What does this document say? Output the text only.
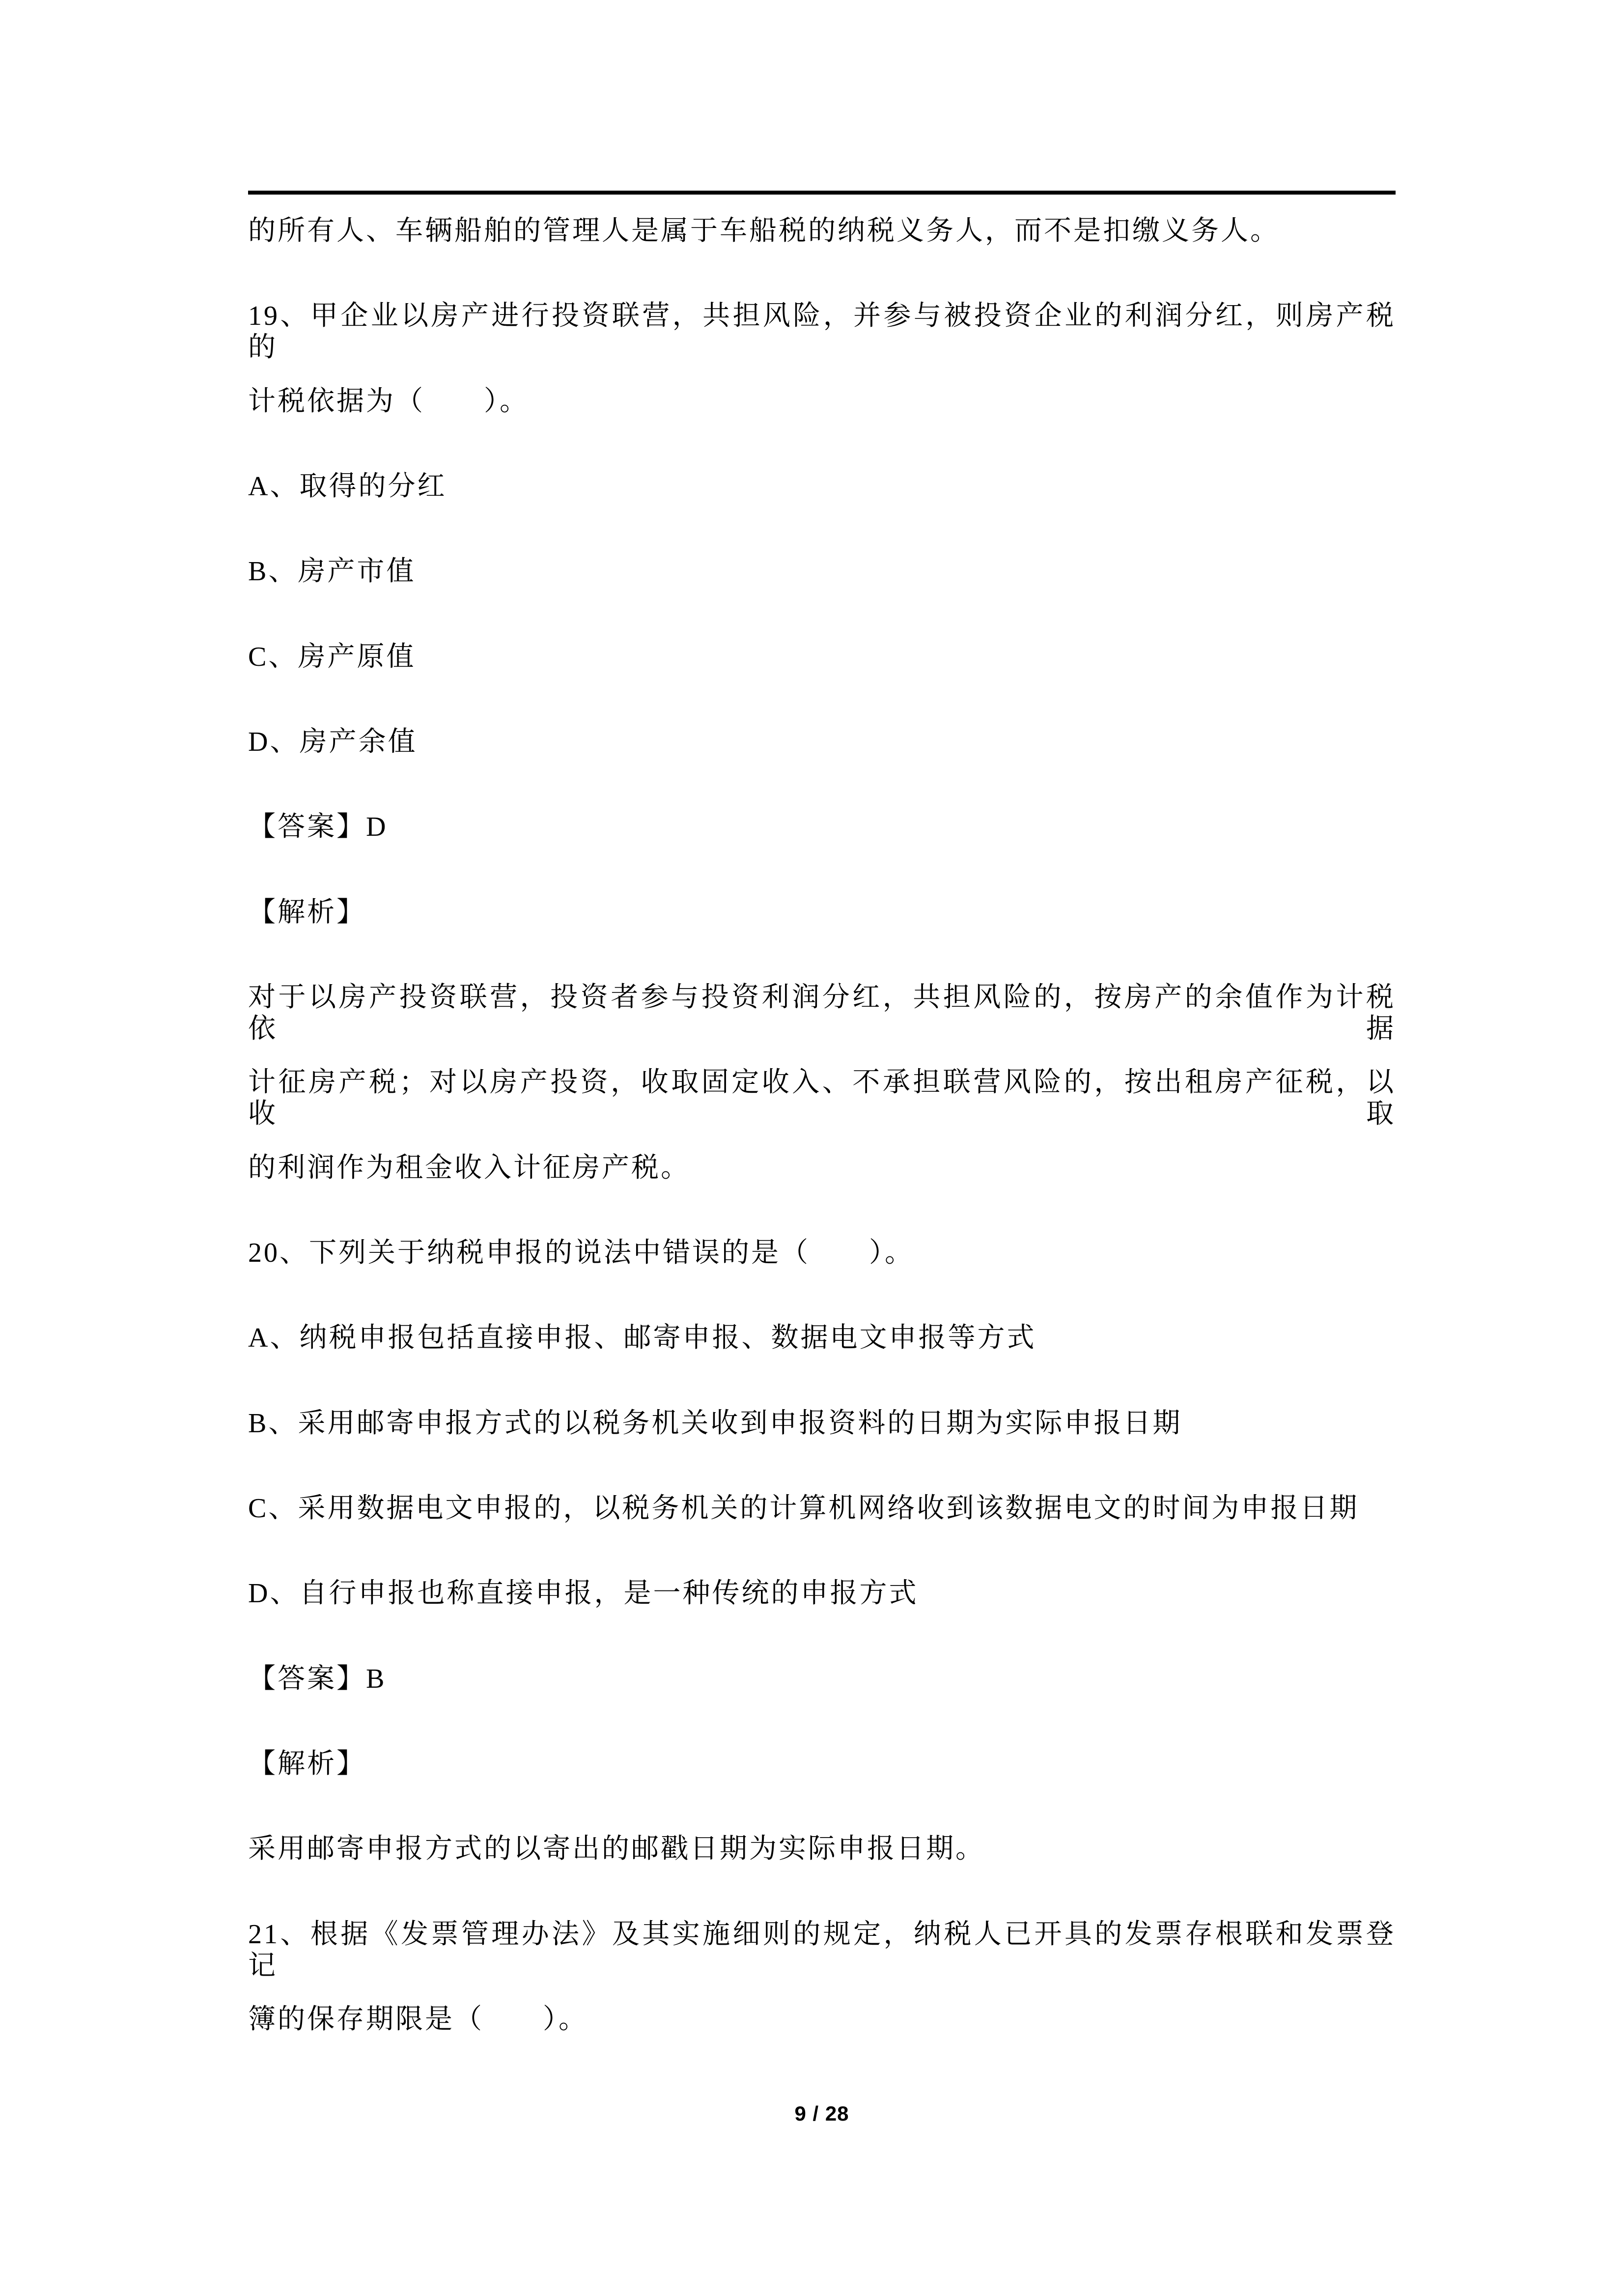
的所有人、车辆船舶的管理人是属于车船税的纳税义务人，而不是扣缴义务人。
19、甲企业以房产进行投资联营，共担风险，并参与被投资企业的利润分红，则房产税的
计税依据为（　　）。
A、取得的分红
B、房产市值
C、房产原值
D、房产余值
【答案】D
【解析】
对于以房产投资联营，投资者参与投资利润分红，共担风险的，按房产的余值作为计税依据
计征房产税；对以房产投资，收取固定收入、不承担联营风险的，按出租房产征税，以收取
的利润作为租金收入计征房产税。
20、下列关于纳税申报的说法中错误的是（　　）。
A、纳税申报包括直接申报、邮寄申报、数据电文申报等方式
B、采用邮寄申报方式的以税务机关收到申报资料的日期为实际申报日期
C、采用数据电文申报的，以税务机关的计算机网络收到该数据电文的时间为申报日期
D、自行申报也称直接申报，是一种传统的申报方式
【答案】B
【解析】
采用邮寄申报方式的以寄出的邮戳日期为实际申报日期。
21、根据《发票管理办法》及其实施细则的规定，纳税人已开具的发票存根联和发票登记
簿的保存期限是（　　）。
9 / 28
